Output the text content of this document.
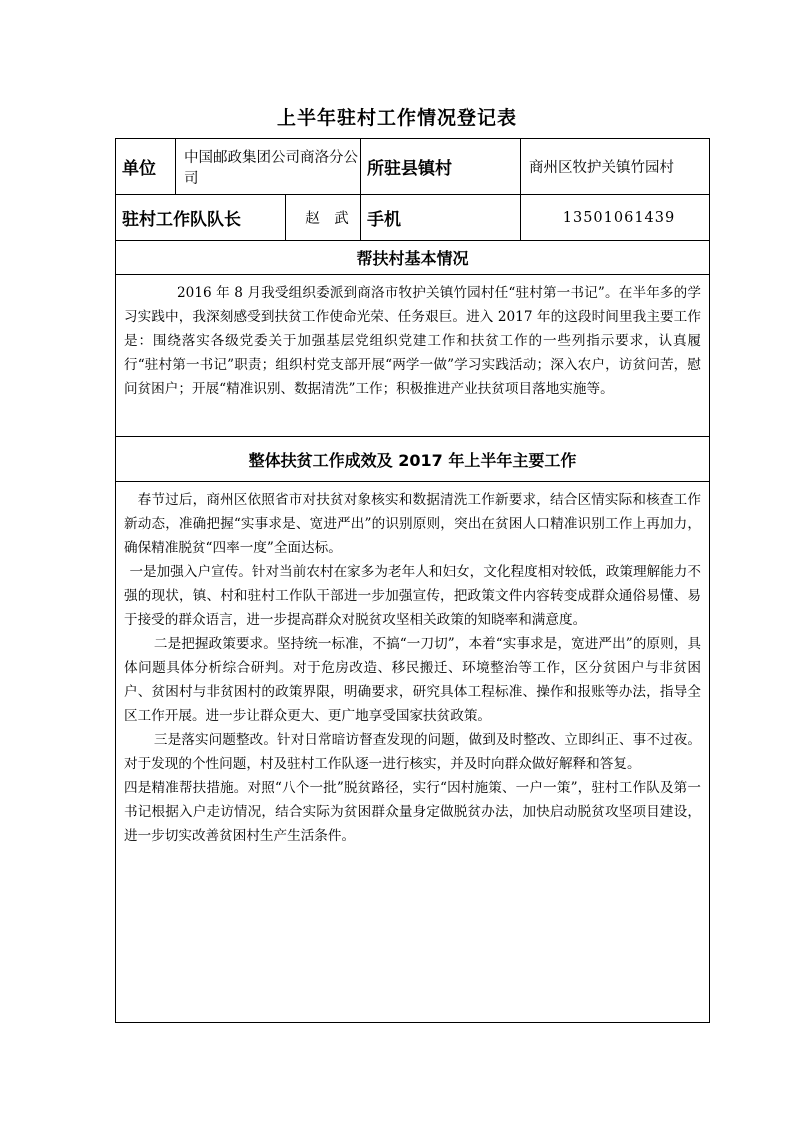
上半年驻村工作情况登记表
单位	中国邮政集团公司商洛分公司		所驻县镇村	商州区牧护关镇竹园村
驻村工作队队长		赵　武	手机	13501061439
帮扶村基本情况				

2016 年 8 月我受组织委派到商洛市牧护关镇竹园村任“驻村第一书记”。在半年多的学习实践中，我深刻感受到扶贫工作使命光荣、任务艰巨。进入 2017 年的这段时间里我主要工作是：围绕落实各级党委关于加强基层党组织党建工作和扶贫工作的一些列指示要求，认真履行“驻村第一书记”职责；组织村党支部开展“两学一做”学习实践活动；深入农户，访贫问苦，慰问贫困户；开展“精准识别、数据清洗”工作；积极推进产业扶贫项目落地实施等。				

整体扶贫工作成效及 2017 年上半年主要工作				

春节过后，商州区依照省市对扶贫对象核实和数据清洗工作新要求，结合区情实际和核查工作新动态，准确把握“实事求是、宽进严出”的识别原则，突出在贫困人口精准识别工作上再加力，确保精准脱贫“四率一度”全面达标。

一是加强入户宣传。针对当前农村在家多为老年人和妇女，文化程度相对较低，政策理解能力不强的现状，镇、村和驻村工作队干部进一步加强宣传，把政策文件内容转变成群众通俗易懂、易于接受的群众语言，进一步提高群众对脱贫攻坚相关政策的知晓率和满意度。

二是把握政策要求。坚持统一标准，不搞“一刀切”，本着“实事求是，宽进严出”的原则，具体问题具体分析综合研判。对于危房改造、移民搬迁、环境整治等工作，区分贫困户与非贫困户、贫困村与非贫困村的政策界限，明确要求，研究具体工程标准、操作和报账等办法，指导全区工作开展。进一步让群众更大、更广地享受国家扶贫政策。

三是落实问题整改。针对日常暗访督查发现的问题，做到及时整改、立即纠正、事不过夜。对于发现的个性问题，村及驻村工作队逐一进行核实，并及时向群众做好解释和答复。

四是精准帮扶措施。对照“八个一批”脱贫路径，实行“因村施策、一户一策”，驻村工作队及第一书记根据入户走访情况，结合实际为贫困群众量身定做脱贫办法，加快启动脱贫攻坚项目建设，进一步切实改善贫困村生产生活条件。				
